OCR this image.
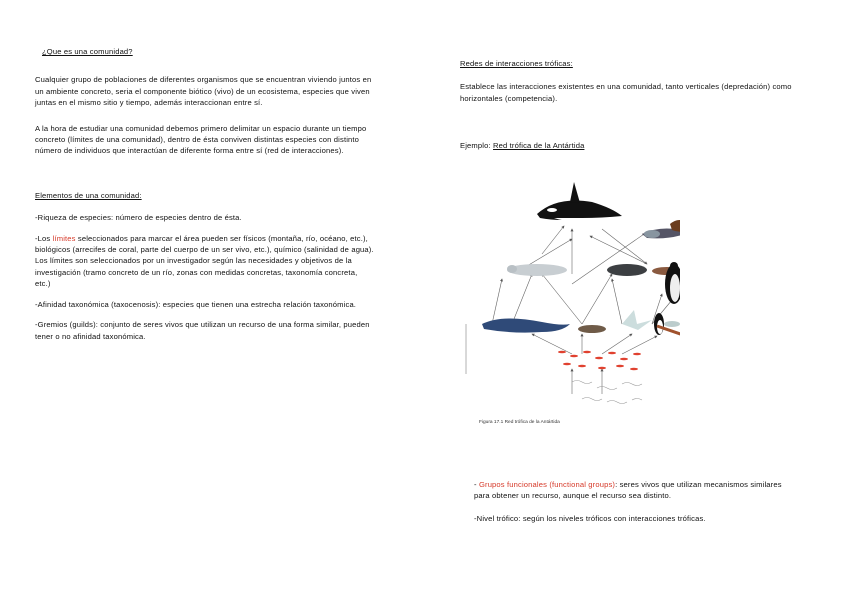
¿Que es una comunidad?

Cualquier grupo de poblaciones de diferentes organismos que se encuentran viviendo juntos en un ambiente concreto, seria el componente biótico (vivo) de un ecosistema, especies que viven juntas en el mismo sitio y tiempo, además interaccionan entre sí.

A la hora de estudiar una comunidad debemos primero delimitar un espacio durante un tiempo concreto (límites de una comunidad), dentro de ésta conviven distintas especies con distinto número de individuos que interactúan de diferente forma entre sí (red de interacciones).

Elementos de una comunidad:

-Riqueza de especies: número de especies dentro de ésta.

-Los límites seleccionados para marcar el área pueden ser físicos (montaña, río, océano, etc.), biológicos (arrecifes de coral, parte del cuerpo de un ser vivo, etc.), químico (salinidad de agua). Los límites son seleccionados por un investigador según las necesidades y objetivos de la investigación (tramo concreto de un río, zonas con medidas concretas, taxonomía concreta, etc.)

-Afinidad taxonómica (taxocenosis): especies que tienen una estrecha relación taxonómica.

-Gremios (guilds): conjunto de seres vivos que utilizan un recurso de una forma similar, pueden tener o no afinidad taxonómica.

Redes de interacciones tróficas:

Establece las interacciones existentes en una comunidad, tanto verticales (depredación) como horizontales (competencia).

Ejemplo: Red trófica de la Antártida

Figura 17.1 Red trófica de la Antártida
- Grupos funcionales (functional groups): seres vivos que utilizan mecanismos similares para obtener un recurso, aunque el recurso sea distinto.
-Nivel trófico: según los niveles tróficos con interacciones tróficas.
